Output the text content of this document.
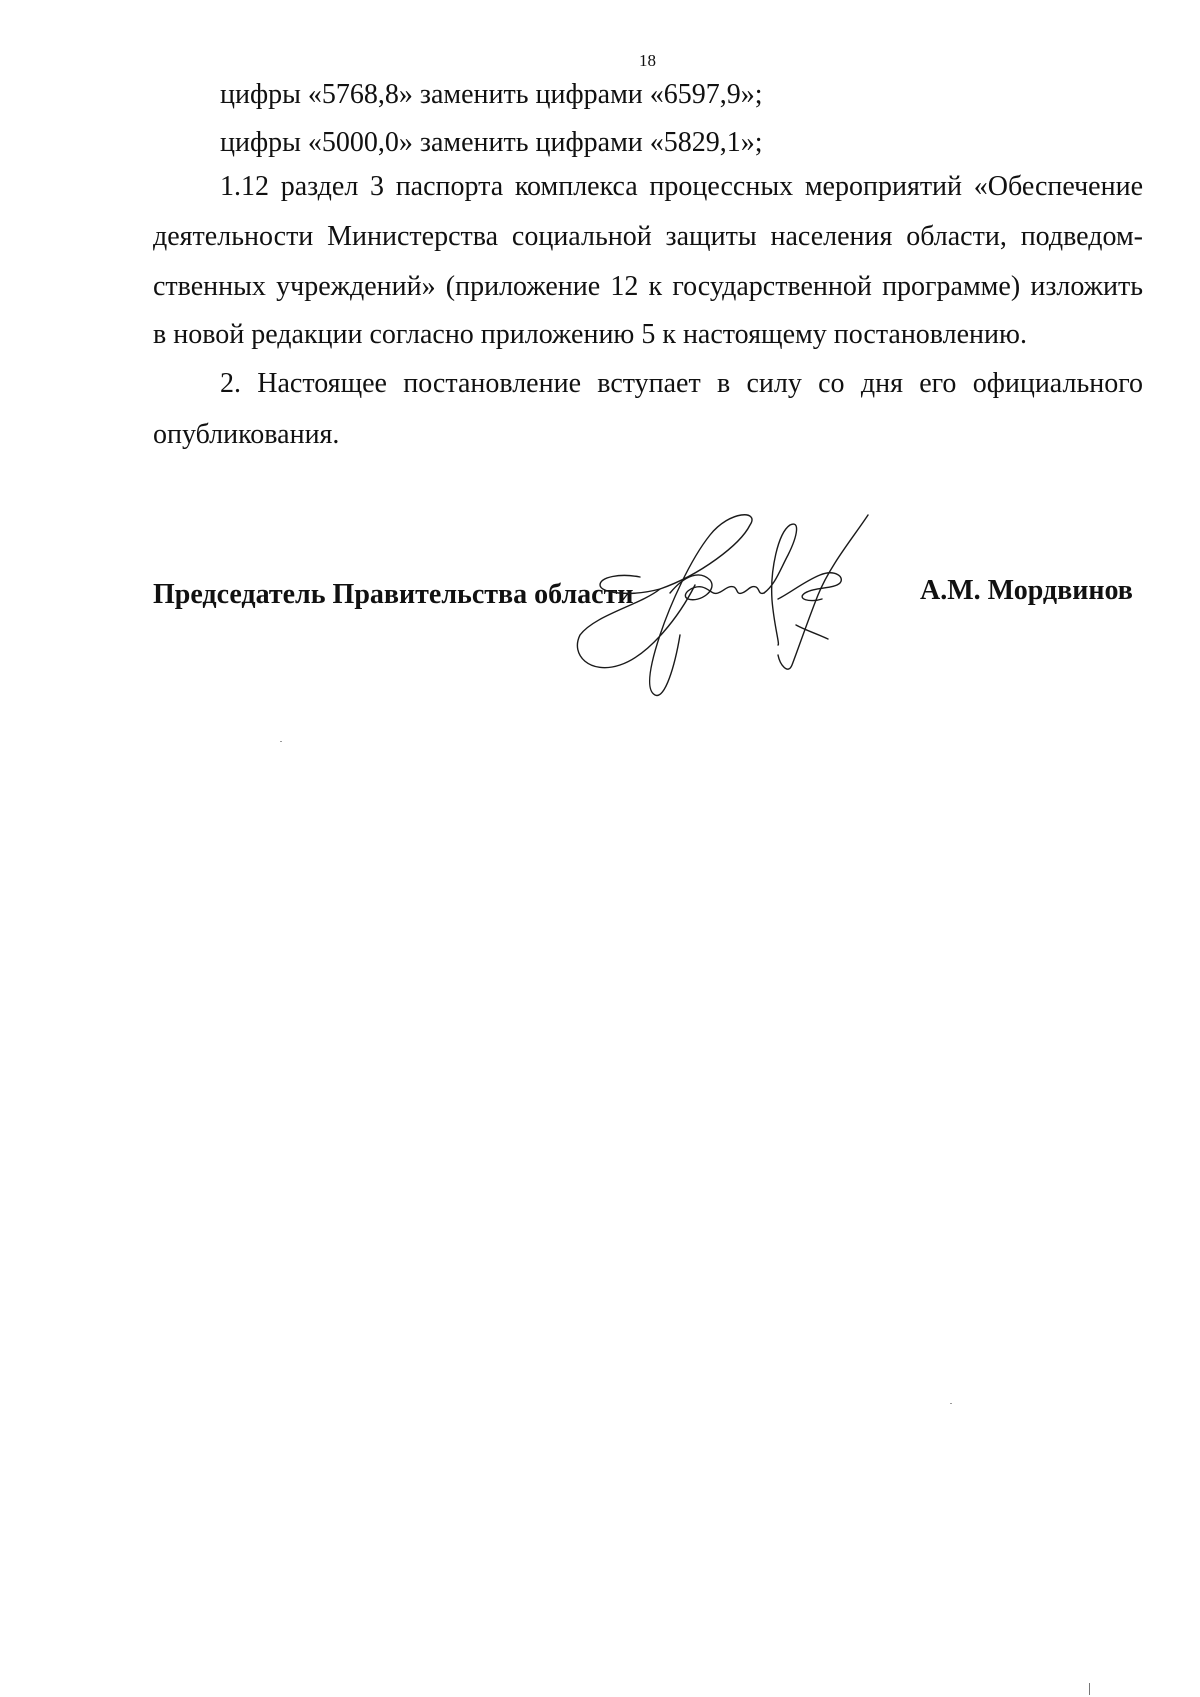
18
цифры «5768,8» заменить цифрами «6597,9»;
цифры «5000,0» заменить цифрами «5829,1»;
1.12 раздел 3 паспорта комплекса процессных мероприятий «Обеспечение
деятельности Министерства социальной защиты населения области, подведом-
ственных учреждений» (приложение 12 к государственной программе) изложить
в новой редакции согласно приложению 5 к настоящему постановлению.
2. Настоящее постановление вступает в силу со дня его официального
опубликования.
Председатель Правительства области	А.М. Мордвинов
